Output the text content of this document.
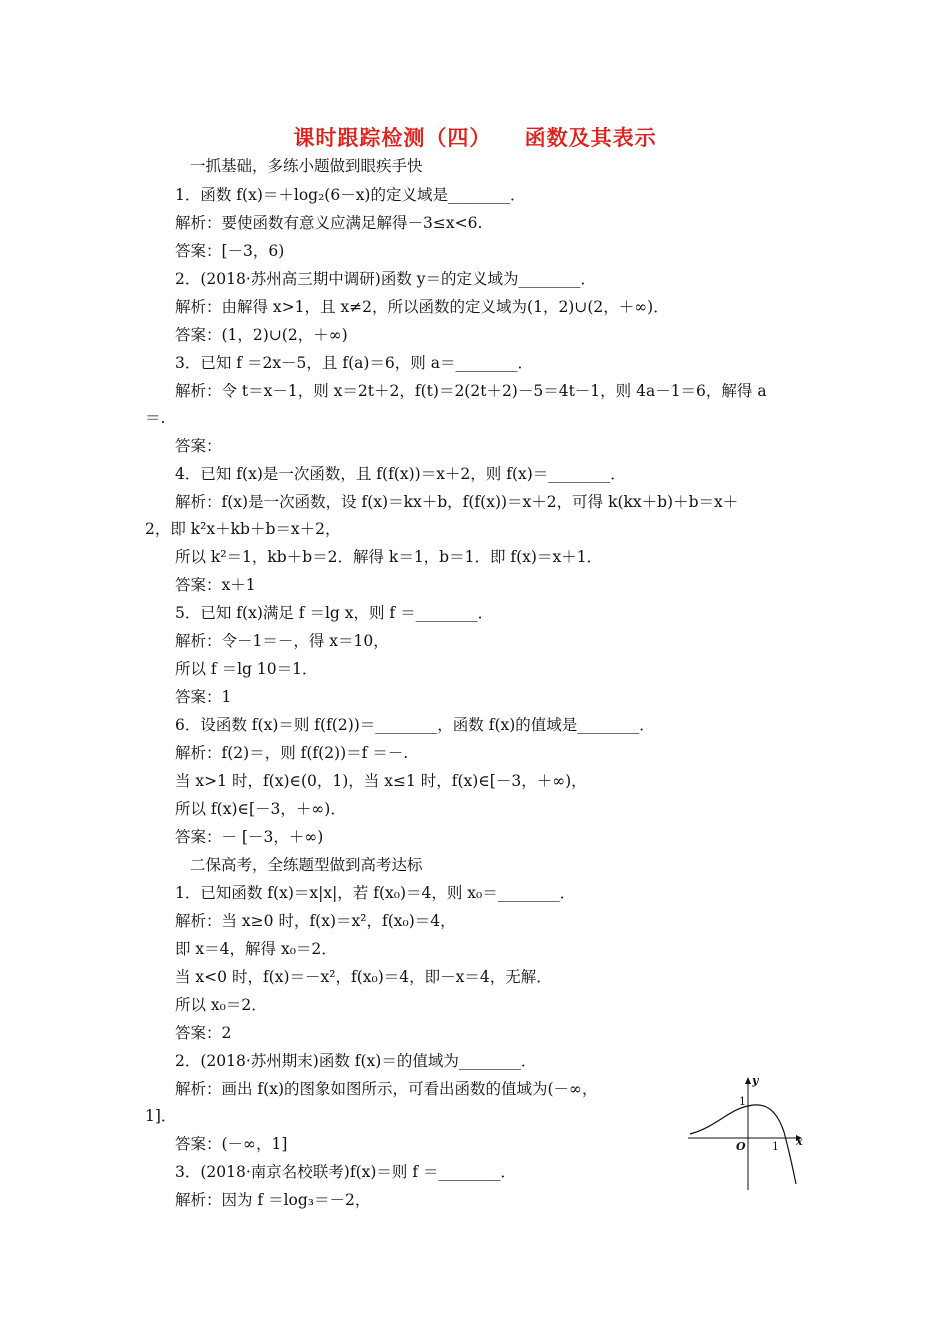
课时跟踪检测（四）    函数及其表示
一抓基础，多练小题做到眼疾手快
1．函数 f(x)＝＋log₂(6－x)的定义域是________．
解析：要使函数有意义应满足解得－3≤x<6.
答案：[－3，6)
2．(2018·苏州高三期中调研)函数 y＝的定义域为________．
解析：由解得 x>1，且 x≠2，所以函数的定义域为(1，2)∪(2，＋∞)．
答案：(1，2)∪(2，＋∞)
3．已知 f ＝2x－5，且 f(a)＝6，则 a＝________．
解析：令 t＝x－1，则 x＝2t＋2，f(t)＝2(2t＋2)－5＝4t－1，则 4a－1＝6，解得 a
＝.
答案：
4．已知 f(x)是一次函数，且 f(f(x))＝x＋2，则 f(x)＝________．
解析：f(x)是一次函数，设 f(x)＝kx＋b，f(f(x))＝x＋2，可得 k(kx＋b)＋b＝x＋
2，即 k²x＋kb＋b＝x＋2，
所以 k²＝1，kb＋b＝2．解得 k＝1，b＝1．即 f(x)＝x＋1．
答案：x＋1
5．已知 f(x)满足 f ＝lg x，则 f ＝________．
解析：令－1＝－，得 x＝10，
所以 f ＝lg 10＝1．
答案：1
6．设函数 f(x)＝则 f(f(2))＝________，函数 f(x)的值域是________．
解析：f(2)＝，则 f(f(2))＝f ＝－.
当 x>1 时，f(x)∈(0，1)，当 x≤1 时，f(x)∈[－3，＋∞)，
所以 f(x)∈[－3，＋∞)．
答案：－ [－3，＋∞)
二保高考，全练题型做到高考达标
1．已知函数 f(x)＝x|x|，若 f(x₀)＝4，则 x₀＝________．
解析：当 x≥0 时，f(x)＝x²，f(x₀)＝4，
即 x＝4，解得 x₀＝2．
当 x<0 时，f(x)＝－x²，f(x₀)＝4，即－x＝4，无解．
所以 x₀＝2．
答案：2
2．(2018·苏州期末)函数 f(x)＝的值域为________．
解析：画出 f(x)的图象如图所示，可看出函数的值域为(－∞，
1]．
答案：(－∞，1]
3．(2018·南京名校联考)f(x)＝则 f ＝________．
解析：因为 f ＝log₃＝－2，
y
x
O 1
1
